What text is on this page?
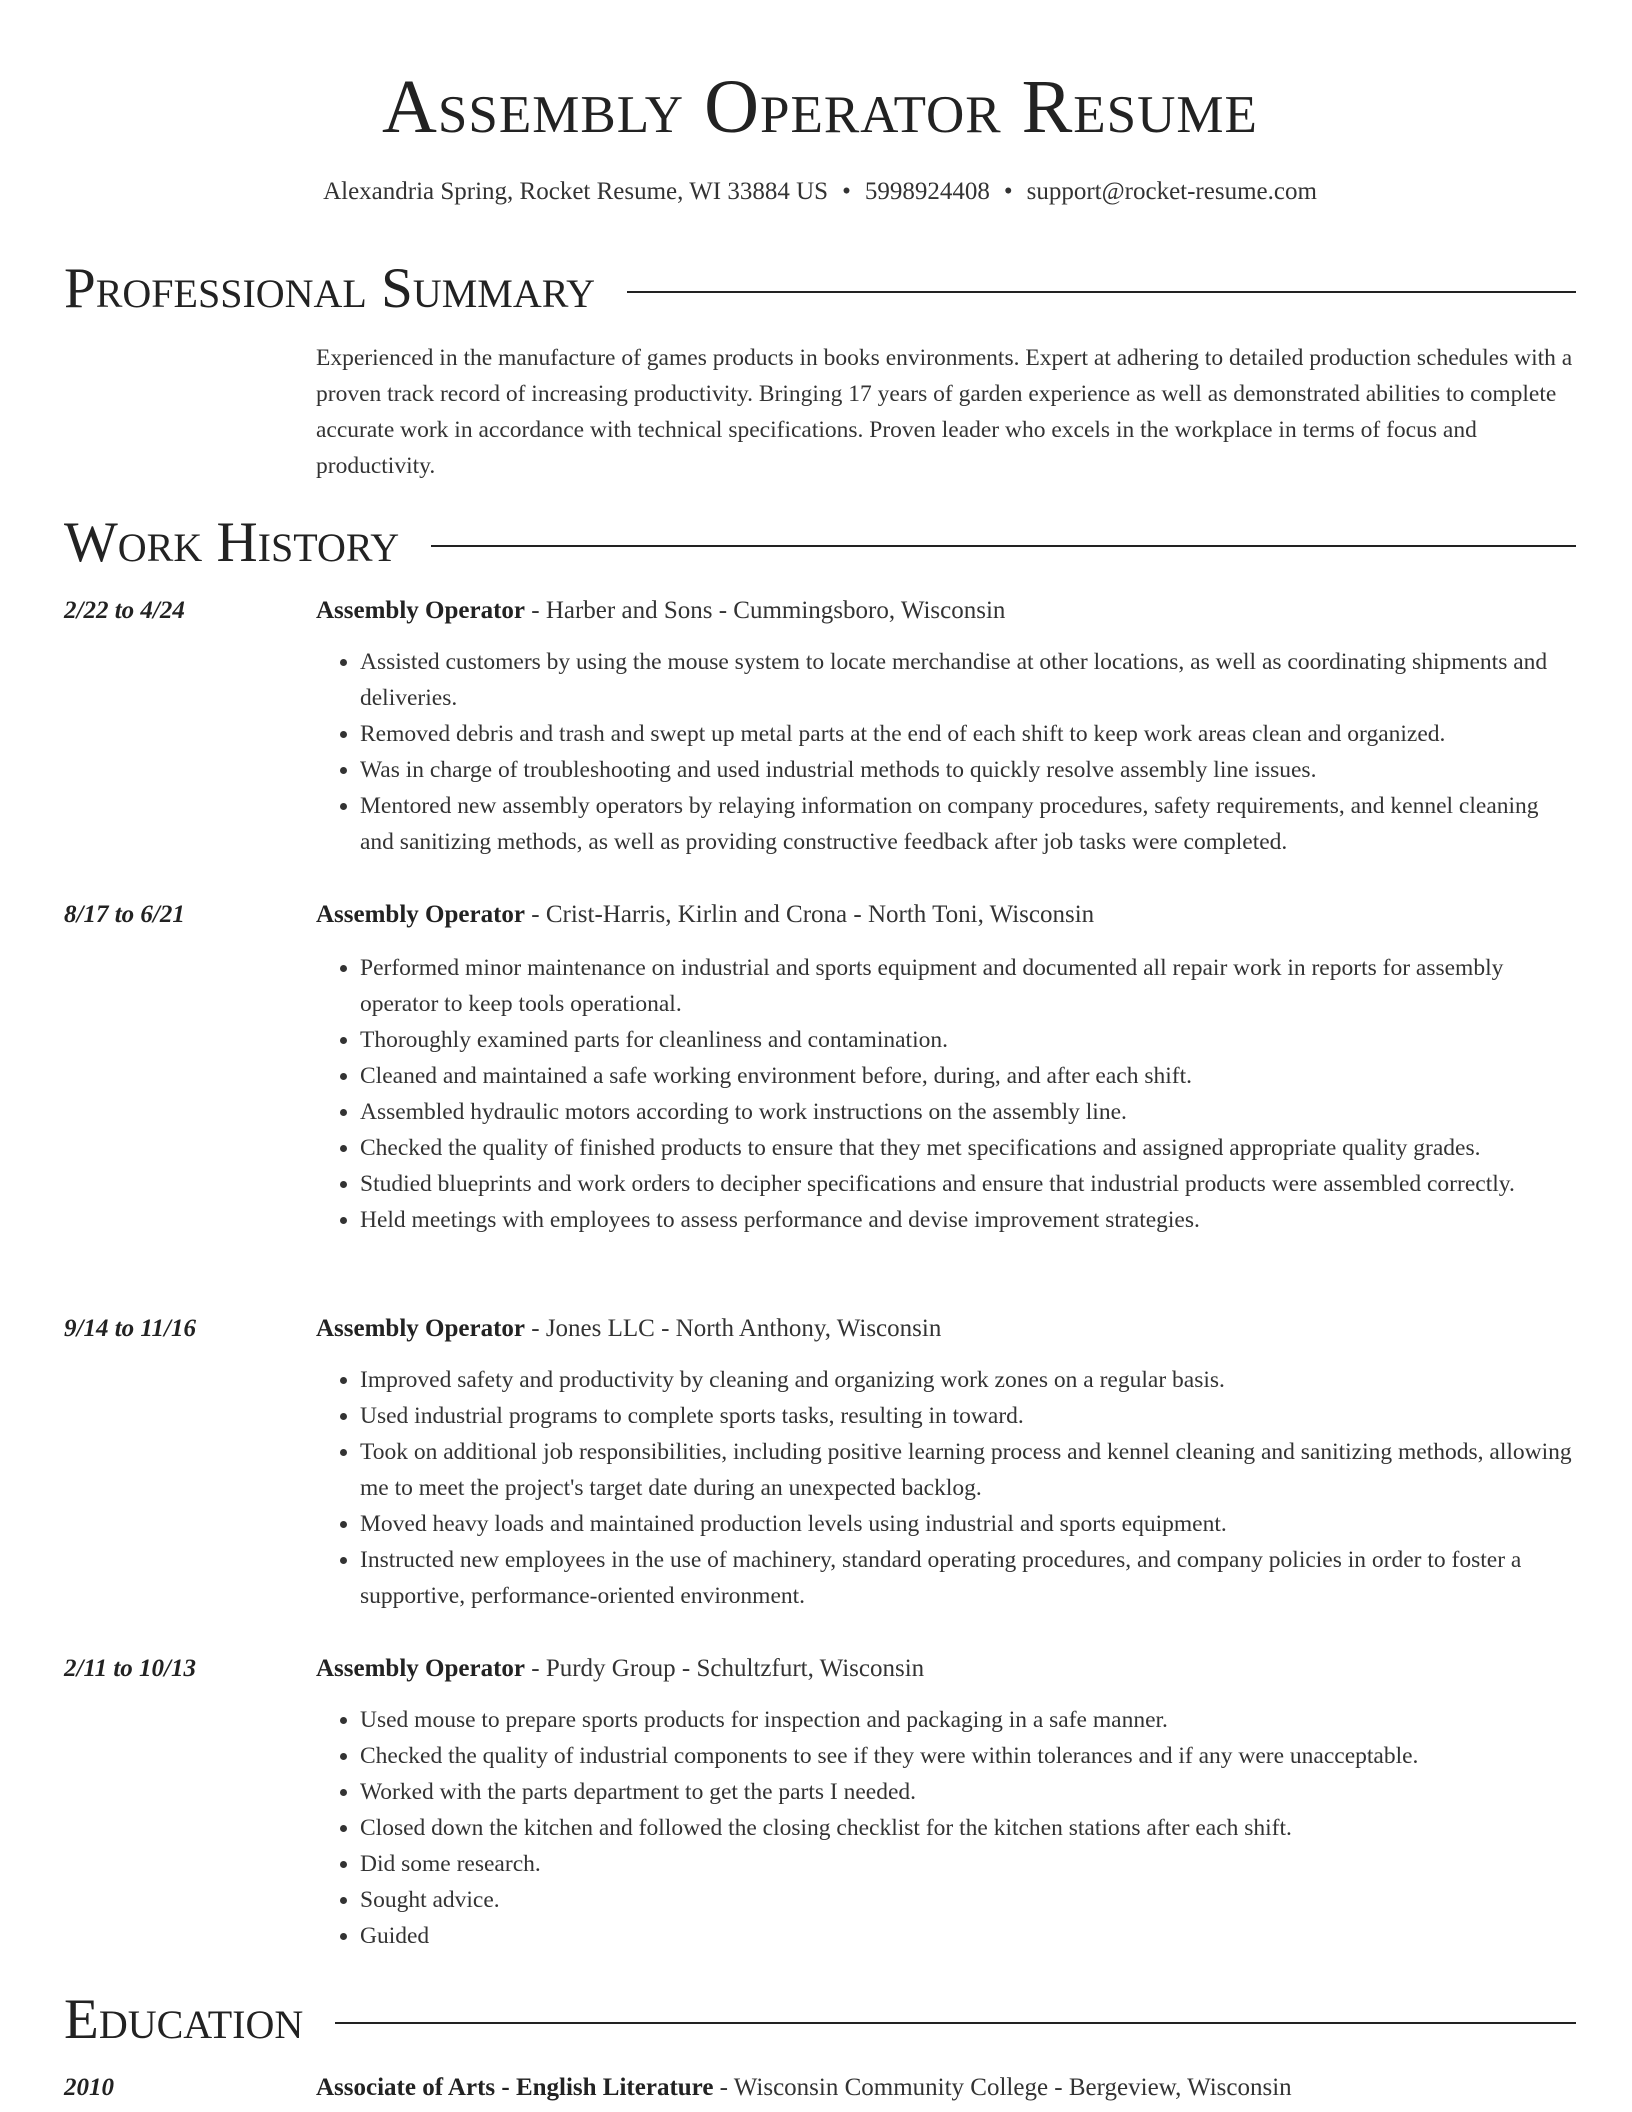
Assembly Operator Resume
Alexandria Spring, Rocket Resume, WI 33884 US • 5998924408 • support@rocket-resume.com
Professional Summary

Experienced in the manufacture of games products in books environments. Expert at adhering to detailed production schedules with a proven track record of increasing productivity. Bringing 17 years of garden experience as well as demonstrated abilities to complete accurate work in accordance with technical specifications. Proven leader who excels in the workplace in terms of focus and productivity.

Work History
2/22 to 4/24	Assembly Operator - Harber and Sons - Cummingsboro, Wisconsin
• Assisted customers by using the mouse system to locate merchandise at other locations, as well as coordinating shipments and deliveries.
• Removed debris and trash and swept up metal parts at the end of each shift to keep work areas clean and organized.
• Was in charge of troubleshooting and used industrial methods to quickly resolve assembly line issues.
• Mentored new assembly operators by relaying information on company procedures, safety requirements, and kennel cleaning and sanitizing methods, as well as providing constructive feedback after job tasks were completed.
8/17 to 6/21	Assembly Operator - Crist-Harris, Kirlin and Crona - North Toni, Wisconsin
• Performed minor maintenance on industrial and sports equipment and documented all repair work in reports for assembly operator to keep tools operational.
• Thoroughly examined parts for cleanliness and contamination.
• Cleaned and maintained a safe working environment before, during, and after each shift.
• Assembled hydraulic motors according to work instructions on the assembly line.
• Checked the quality of finished products to ensure that they met specifications and assigned appropriate quality grades.
• Studied blueprints and work orders to decipher specifications and ensure that industrial products were assembled correctly.
• Held meetings with employees to assess performance and devise improvement strategies.
9/14 to 11/16	Assembly Operator - Jones LLC - North Anthony, Wisconsin
• Improved safety and productivity by cleaning and organizing work zones on a regular basis.
• Used industrial programs to complete sports tasks, resulting in toward.
• Took on additional job responsibilities, including positive learning process and kennel cleaning and sanitizing methods, allowing me to meet the project's target date during an unexpected backlog.
• Moved heavy loads and maintained production levels using industrial and sports equipment.
• Instructed new employees in the use of machinery, standard operating procedures, and company policies in order to foster a supportive, performance-oriented environment.
2/11 to 10/13	Assembly Operator - Purdy Group - Schultzfurt, Wisconsin
• Used mouse to prepare sports products for inspection and packaging in a safe manner.
• Checked the quality of industrial components to see if they were within tolerances and if any were unacceptable.
• Worked with the parts department to get the parts I needed.
• Closed down the kitchen and followed the closing checklist for the kitchen stations after each shift.
• Did some research.
• Sought advice.
• Guided
Education
2010	Associate of Arts - English Literature - Wisconsin Community College - Bergeview, Wisconsin
